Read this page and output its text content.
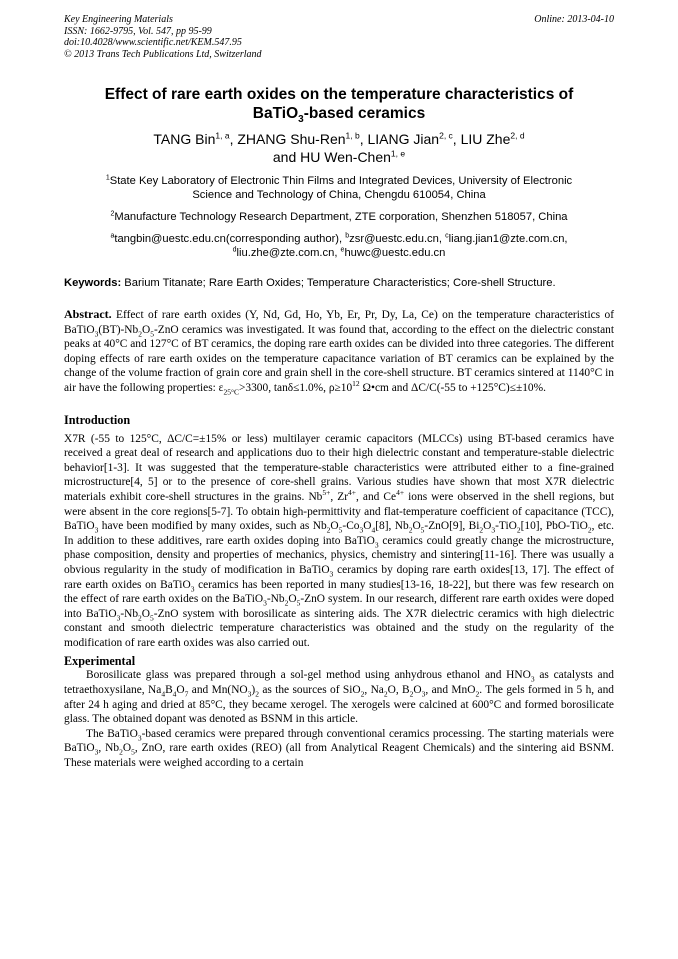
Key Engineering Materials
ISSN: 1662-9795, Vol. 547, pp 95-99
doi:10.4028/www.scientific.net/KEM.547.95
© 2013 Trans Tech Publications Ltd, Switzerland
Online: 2013-04-10
Effect of rare earth oxides on the temperature characteristics of
BaTiO$_3$-based ceramics
TANG Bin$^{1, a}$, ZHANG Shu-Ren$^{1, b}$, LIANG Jian$^{2, c}$, LIU Zhe$^{2, d}$
and HU Wen-Chen$^{1, e}$
$^1$State Key Laboratory of Electronic Thin Films and Integrated Devices, University of Electronic
Science and Technology of China, Chengdu 610054, China
$^2$Manufacture Technology Research Department, ZTE corporation, Shenzhen 518057, China
$^a$tangbin@uestc.edu.cn(corresponding author), $^b$zsr@uestc.edu.cn, $^c$liang.jian1@zte.com.cn,
$^d$liu.zhe@zte.com.cn, $^e$huwc@uestc.edu.cn
Keywords: Barium Titanate; Rare Earth Oxides; Temperature Characteristics; Core-shell Structure.
Abstract. Effect of rare earth oxides (Y, Nd, Gd, Ho, Yb, Er, Pr, Dy, La, Ce) on the temperature characteristics of $BaTiO_3(BT)-Nb_2O_5$-ZnO ceramics was investigated. It was found that, according to the effect on the dielectric constant peaks at 40°C and 127°C of BT ceramics, the doping rare earth oxides can be divided into three categories. The different doping effects of rare earth oxides on the temperature capacitance variation of BT ceramics can be explained by the change of the volume fraction of grain core and grain shell in the core-shell structure. BT ceramics sintered at 1140°C in air have the following properties: $\varepsilon_{25^\circ C}>3300$, tanδ≤1.0%, $\rho\ge 10^{12}$ Ω•cm and ΔC/C(-55 to +125°C)≤±10%.
Introduction
X7R (-55 to 125°C, ΔC/C=±15% or less) multilayer ceramic capacitors (MLCCs) using BT-based ceramics have received a great deal of research and applications duo to their high dielectric constant and temperature-stable dielectric behavior[1-3]. It was suggested that the temperature-stable characteristics were attributed either to a fine-grained microstructure[4, 5] or to the presence of core-shell grains. Various studies have shown that most X7R dielectric materials exhibit core-shell structures in the grains. $Nb^{5+}$, $Zr^{4+}$, and $Ce^{4+}$ ions were observed in the shell regions, but were absent in the core regions[5-7]. To obtain high-permittivity and flat-temperature coefficient of capacitance (TCC), BaTiO$_3$ have been modified by many oxides, such as $Nb_2O_5-Co_3O_4[8]$, $Nb_2O_5-ZnO[9]$, $Bi_2O_3-TiO_2[10]$, PbO-TiO$_2$, etc. In addition to these additives, rare earth oxides doping into BaTiO$_3$ ceramics could greatly change the microstructure, phase composition, density and properties of mechanics, physics, chemistry and sintering[11-16]. There was usually a obvious regularity in the study of modification in BaTiO$_3$ ceramics by doping rare earth oxides[13, 17]. The effect of rare earth oxides on BaTiO$_3$ ceramics has been reported in many studies[13-16, 18-22], but there was few research on the effect of rare earth oxides on the $BaTiO_3-Nb_2O_5$-ZnO system. In our research, different rare earth oxides were doped into $BaTiO_3-Nb_2O_5$-ZnO system with borosilicate as sintering aids. The X7R dielectric ceramics with high dielectric constant and smooth dielectric temperature characteristics was obtained and the study on the regularity of the modification of rare earth oxides was also carried out.
Experimental
Borosilicate glass was prepared through a sol-gel method using anhydrous ethanol and $HNO_3$ as catalysts and tetraethoxysilane, $Na_4B_4O_7$ and $Mn(NO_3)_2$ as the sources of SiO$_2$, $Na_2O$, $B_2O_3$, and MnO$_2$. The gels formed in 5 h, and after 24 h aging and dried at 85°C, they became xerogel. The xerogels were calcined at 600°C and formed borosilicate glass. The obtained dopant was denoted as BSNM in this article.
The BaTiO$_3$-based ceramics were prepared through conventional ceramics processing. The starting materials were BaTiO$_3$, $Nb_2O_5$, ZnO, rare earth oxides (REO) (all from Analytical Reagent Chemicals) and the sintering aid BSNM. These materials were weighed according to a certain
